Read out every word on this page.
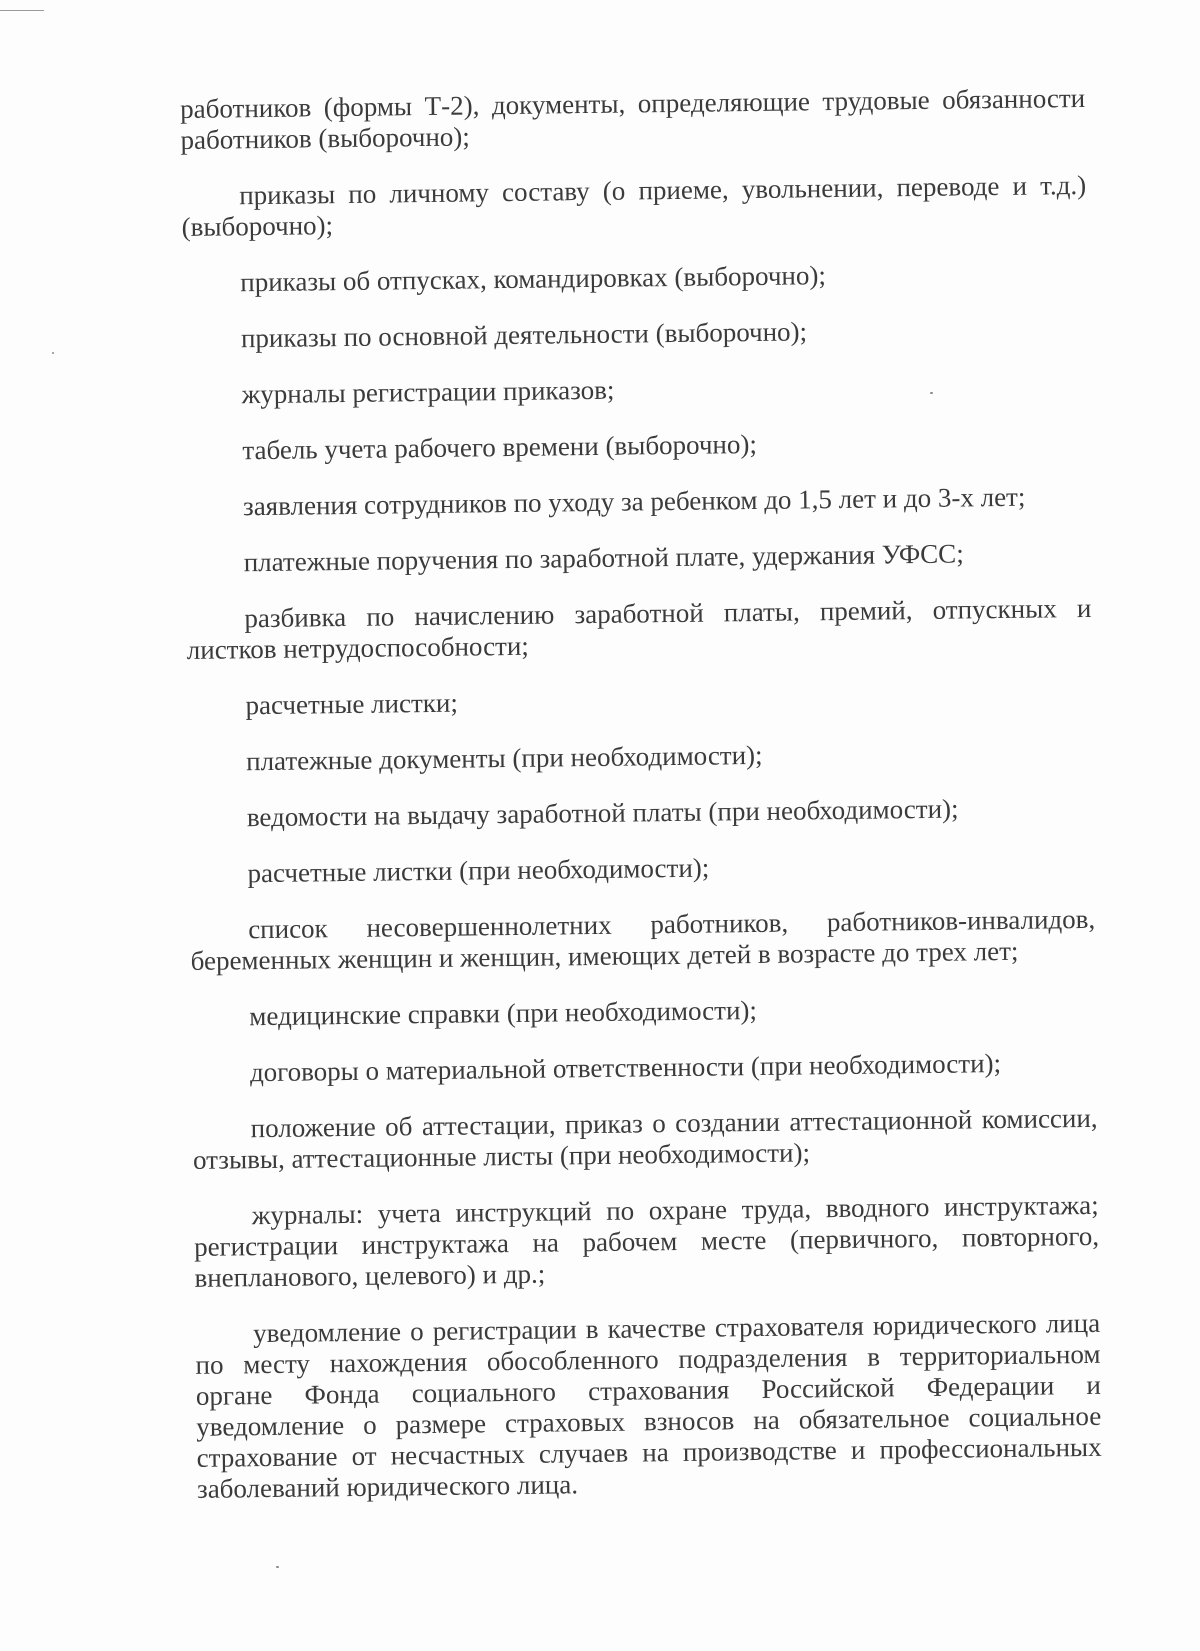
работников (формы Т-2), документы, определяющие трудовые обязанности работников (выборочно);

приказы по личному составу (о приеме, увольнении, переводе и т.д.) (выборочно);

приказы об отпусках, командировках (выборочно);

приказы по основной деятельности (выборочно);

журналы регистрации приказов;

табель учета рабочего времени (выборочно);

заявления сотрудников по уходу за ребенком до 1,5 лет и до 3-х лет;

платежные поручения по заработной плате, удержания УФСС;

разбивка по начислению заработной платы, премий, отпускных и листков нетрудоспособности;

расчетные листки;

платежные документы (при необходимости);

ведомости на выдачу заработной платы (при необходимости);

расчетные листки (при необходимости);

список несовершеннолетних работников, работников-инвалидов, беременных женщин и женщин, имеющих детей в возрасте до трех лет;

медицинские справки (при необходимости);

договоры о материальной ответственности (при необходимости);

положение об аттестации, приказ о создании аттестационной комиссии, отзывы, аттестационные листы (при необходимости);

журналы: учета инструкций по охране труда, вводного инструктажа; регистрации инструктажа на рабочем месте (первичного, повторного, внепланового, целевого) и др.;

уведомление о регистрации в качестве страхователя юридического лица по месту нахождения обособленного подразделения в территориальном органе Фонда социального страхования Российской Федерации и уведомление о размере страховых взносов на обязательное социальное страхование от несчастных случаев на производстве и профессиональных заболеваний юридического лица.
